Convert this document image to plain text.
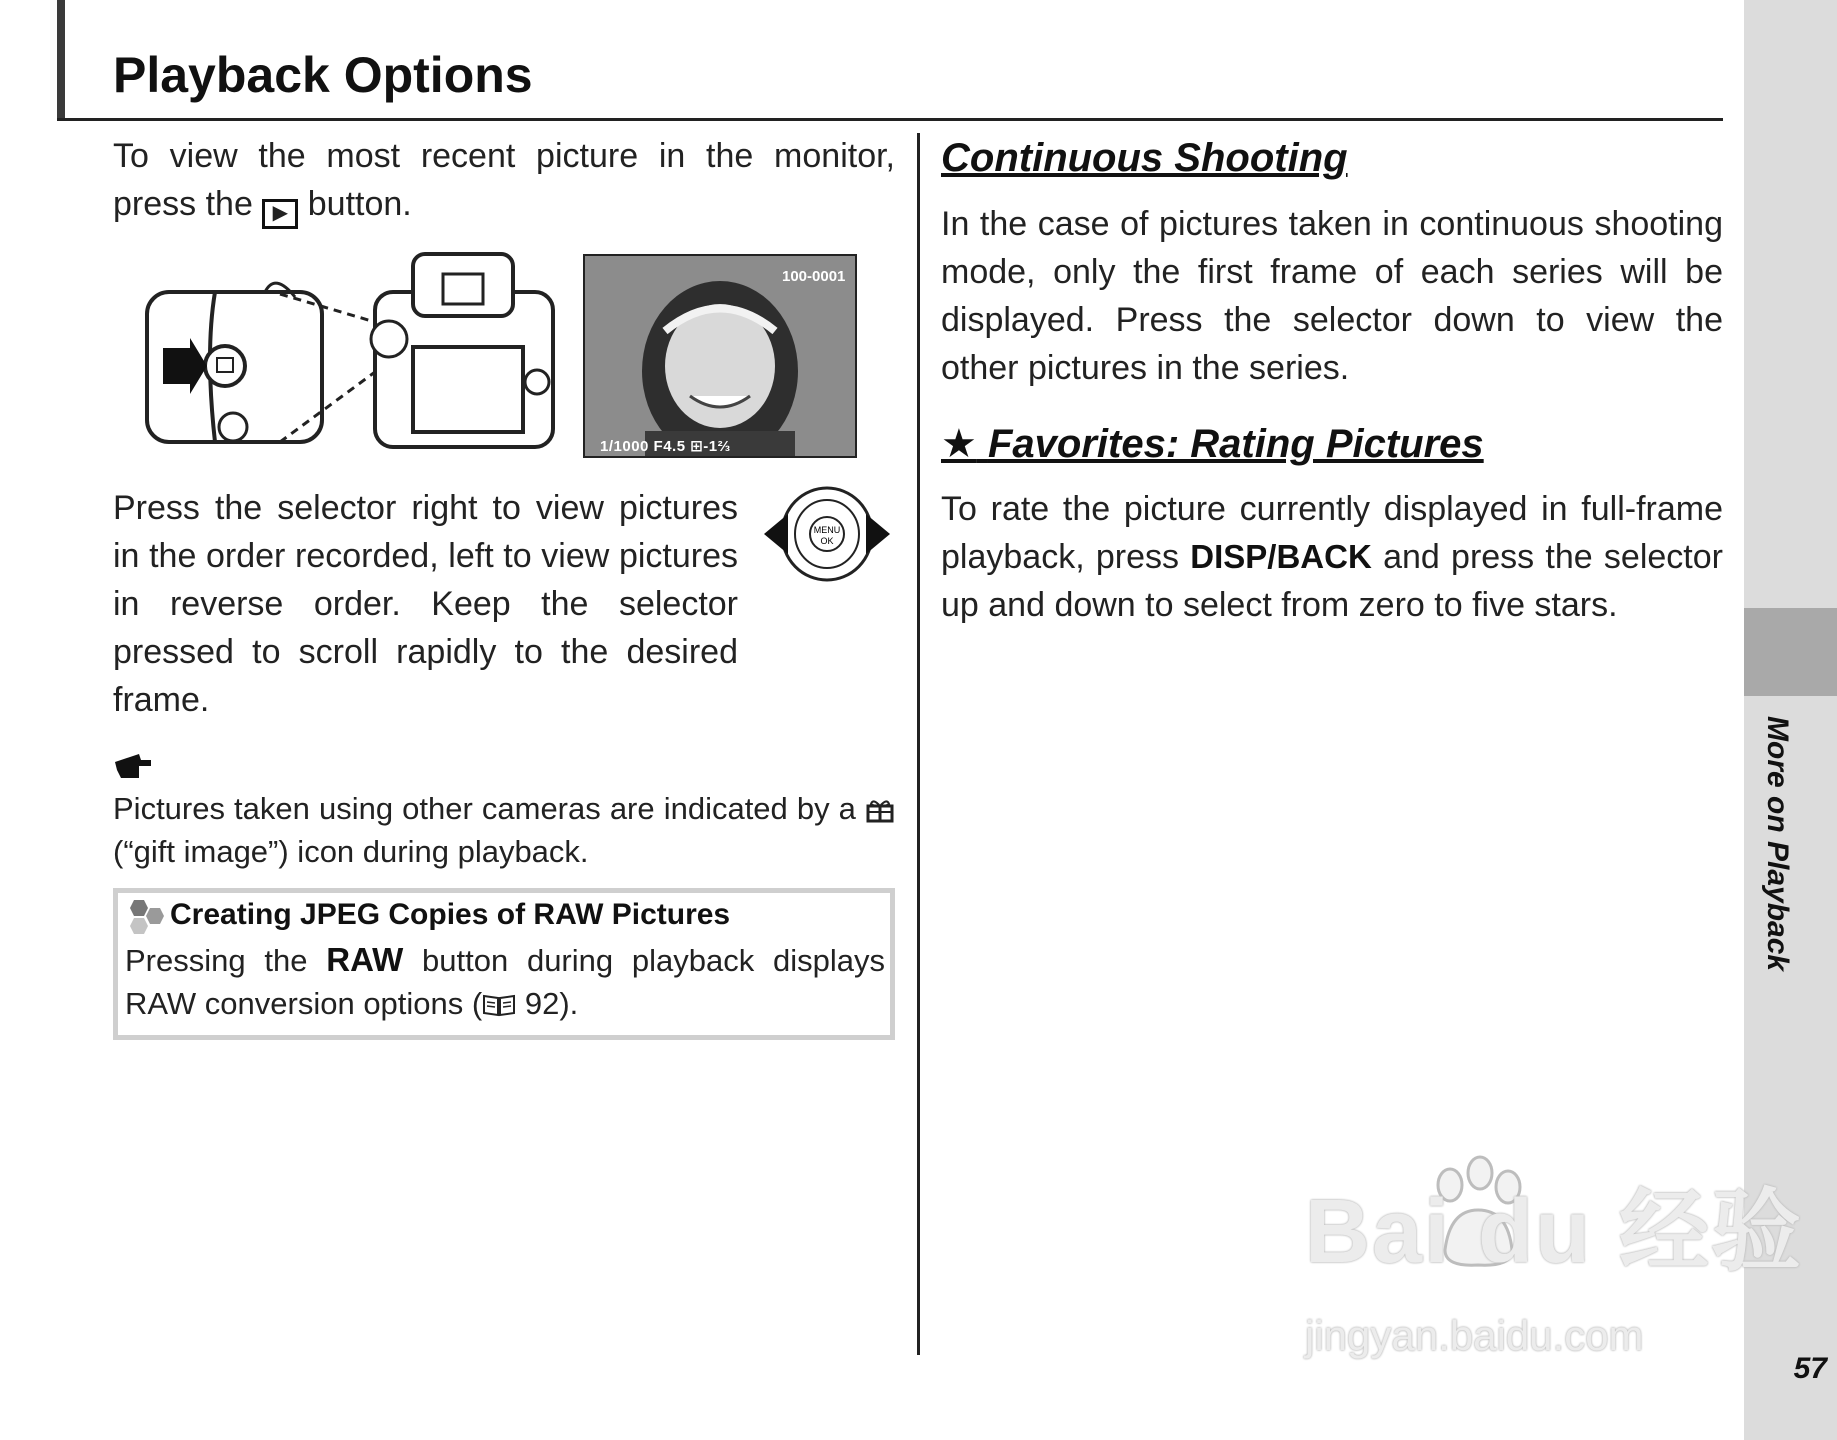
Playback Options
More on Playback
57
To view the most recent picture in the monitor, press the ▶ button.
100-0001
1/1000 F4.5 ⊞-1⅔
Press the selector right to view pictures in the order recorded, left to view pictures in reverse order. Keep the selector pressed to scroll rapidly to the desired frame.
MENU
OK
Pictures taken using other cameras are indicated by a  (“gift image”) icon during playback.
Creating JPEG Copies of RAW Pictures
Pressing the RAW button during playback displays RAW conversion options ( 92).
Continuous Shooting
In the case of pictures taken in continuous shooting mode, only the first frame of each series will be displayed. Press the selector down to view the other pictures in the series.
★ Favorites: Rating Pictures
To rate the picture currently displayed in full-frame playback, press DISP/BACK and press the selector up and down to select from zero to five stars.
Bai du 经验
jingyan.baidu.com
